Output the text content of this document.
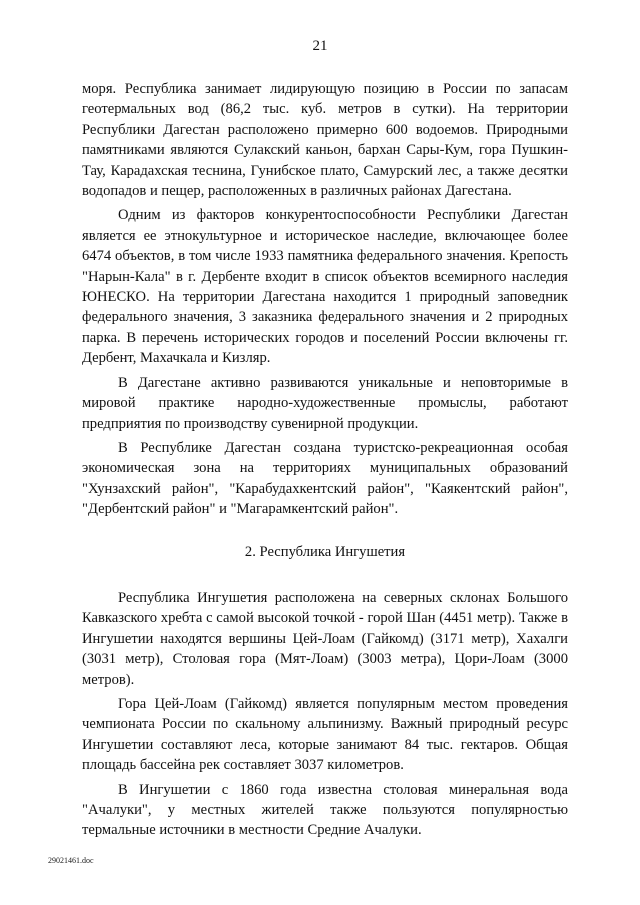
21

моря. Республика занимает лидирующую позицию в России по запасам геотермальных вод (86,2 тыс. куб. метров в сутки). На территории Республики Дагестан расположено примерно 600 водоемов. Природными памятниками являются Сулакский каньон, бархан Сары-Кум, гора Пушкин-Тау, Карадахская теснина, Гунибское плато, Самурский лес, а также десятки водопадов и пещер, расположенных в различных районах Дагестана.

Одним из факторов конкурентоспособности Республики Дагестан является ее этнокультурное и историческое наследие, включающее более 6474 объектов, в том числе 1933 памятника федерального значения. Крепость "Нарын-Кала" в г. Дербенте входит в список объектов всемирного наследия ЮНЕСКО. На территории Дагестана находится 1 природный заповедник федерального значения, 3 заказника федерального значения и 2 природных парка. В перечень исторических городов и поселений России включены гг. Дербент, Махачкала и Кизляр.

В Дагестане активно развиваются уникальные и неповторимые в мировой практике народно-художественные промыслы, работают предприятия по производству сувенирной продукции.

В Республике Дагестан создана туристско-рекреационная особая экономическая зона на территориях муниципальных образований "Хунзахский район", "Карабудахкентский район", "Каякентский район", "Дербентский район" и "Магарамкентский район".

2. Республика Ингушетия

Республика Ингушетия расположена на северных склонах Большого Кавказского хребта с самой высокой точкой - горой Шан (4451 метр). Также в Ингушетии находятся вершины Цей-Лоам (Гайкомд) (3171 метр), Хахалги (3031 метр), Столовая гора (Мят-Лоам) (3003 метра), Цори-Лоам (3000 метров).

Гора Цей-Лоам (Гайкомд) является популярным местом проведения чемпионата России по скальному альпинизму. Важный природный ресурс Ингушетии составляют леса, которые занимают 84 тыс. гектаров. Общая площадь бассейна рек составляет 3037 километров.

В Ингушетии с 1860 года известна столовая минеральная вода "Ачалуки", у местных жителей также пользуются популярностью термальные источники в местности Средние Ачалуки.

29021461.doc
